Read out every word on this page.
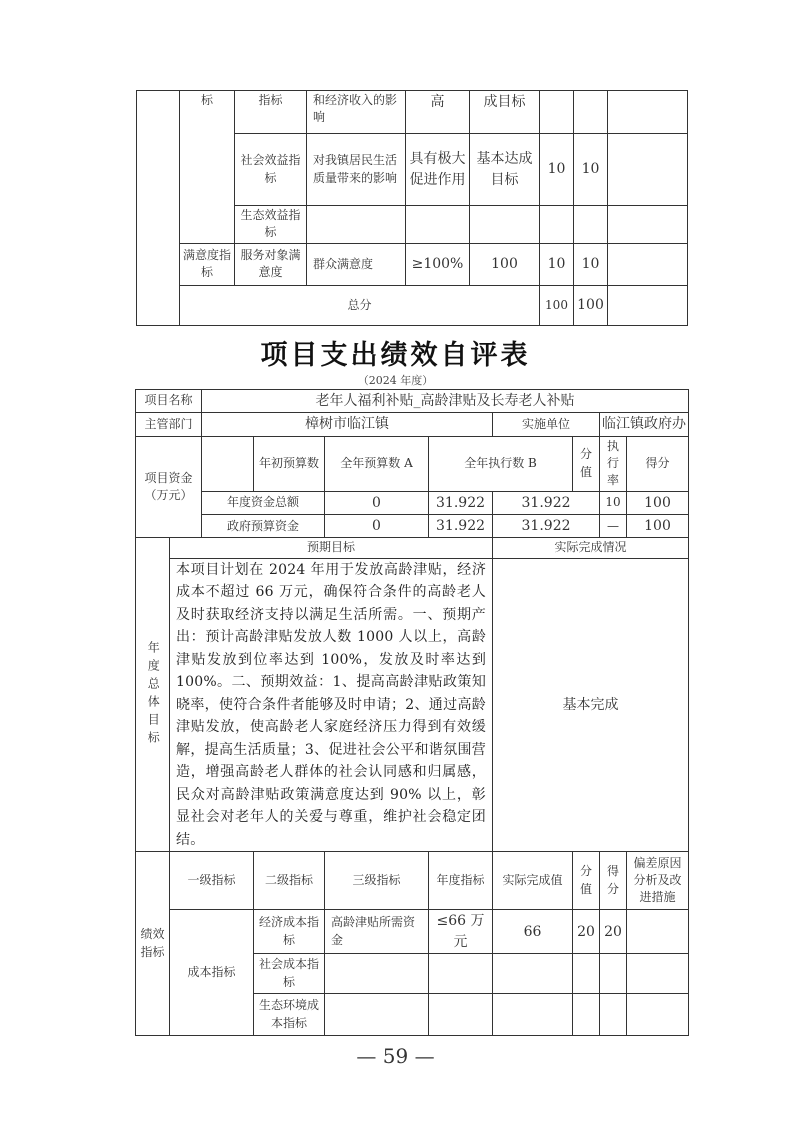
	标	指标	和经济收入的影响	高	成目标			
		社会效益指标	对我镇居民生活质量带来的影响	具有极大促进作用	基本达成目标	10	10	
		生态效益指标						
	满意度指标	服务对象满意度	群众满意度	≥100%	100	10	10	
	总分					100	100	
项目支出绩效自评表
（2024 年度）
项目名称		老年人福利补贴_高龄津贴及长寿老人补贴								
主管部门		樟树市临江镇				实施单位		临江镇政府办		
项目资金（万元）			年初预算数	全年预算数 A	全年执行数 B		分值	执行率	得分	
		年度资金总额		0	31.922	31.922		10	100	
		政府预算资金		0	31.922	31.922		—	100	
年度总体目标	预期目标					实际完成情况				
	本项目计划在 2024 年用于发放高龄津贴，经济成本不超过 66 万元，确保符合条件的高龄老人及时获取经济支持以满足生活所需。一、预期产出：预计高龄津贴发放人数 1000 人以上，高龄津贴发放到位率达到 100%，发放及时率达到 100%。二、预期效益：1、提高高龄津贴政策知晓率，使符合条件者能够及时申请；2、通过高龄津贴发放，使高龄老人家庭经济压力得到有效缓解，提高生活质量；3、促进社会公平和谐氛围营造，增强高龄老人群体的社会认同感和归属感，民众对高龄津贴政策满意度达到 90% 以上，彰显社会对老年人的关爱与尊重，维护社会稳定团结。					基本完成				
绩效指标	一级指标		二级指标	三级指标	年度指标	实际完成值	分值	得分	偏差原因分析及改进措施	
	成本指标		经济成本指标	高龄津贴所需资金	≤66 万元	66	20	20		
			社会成本指标							
			生态环境成本指标							
— 59 —
